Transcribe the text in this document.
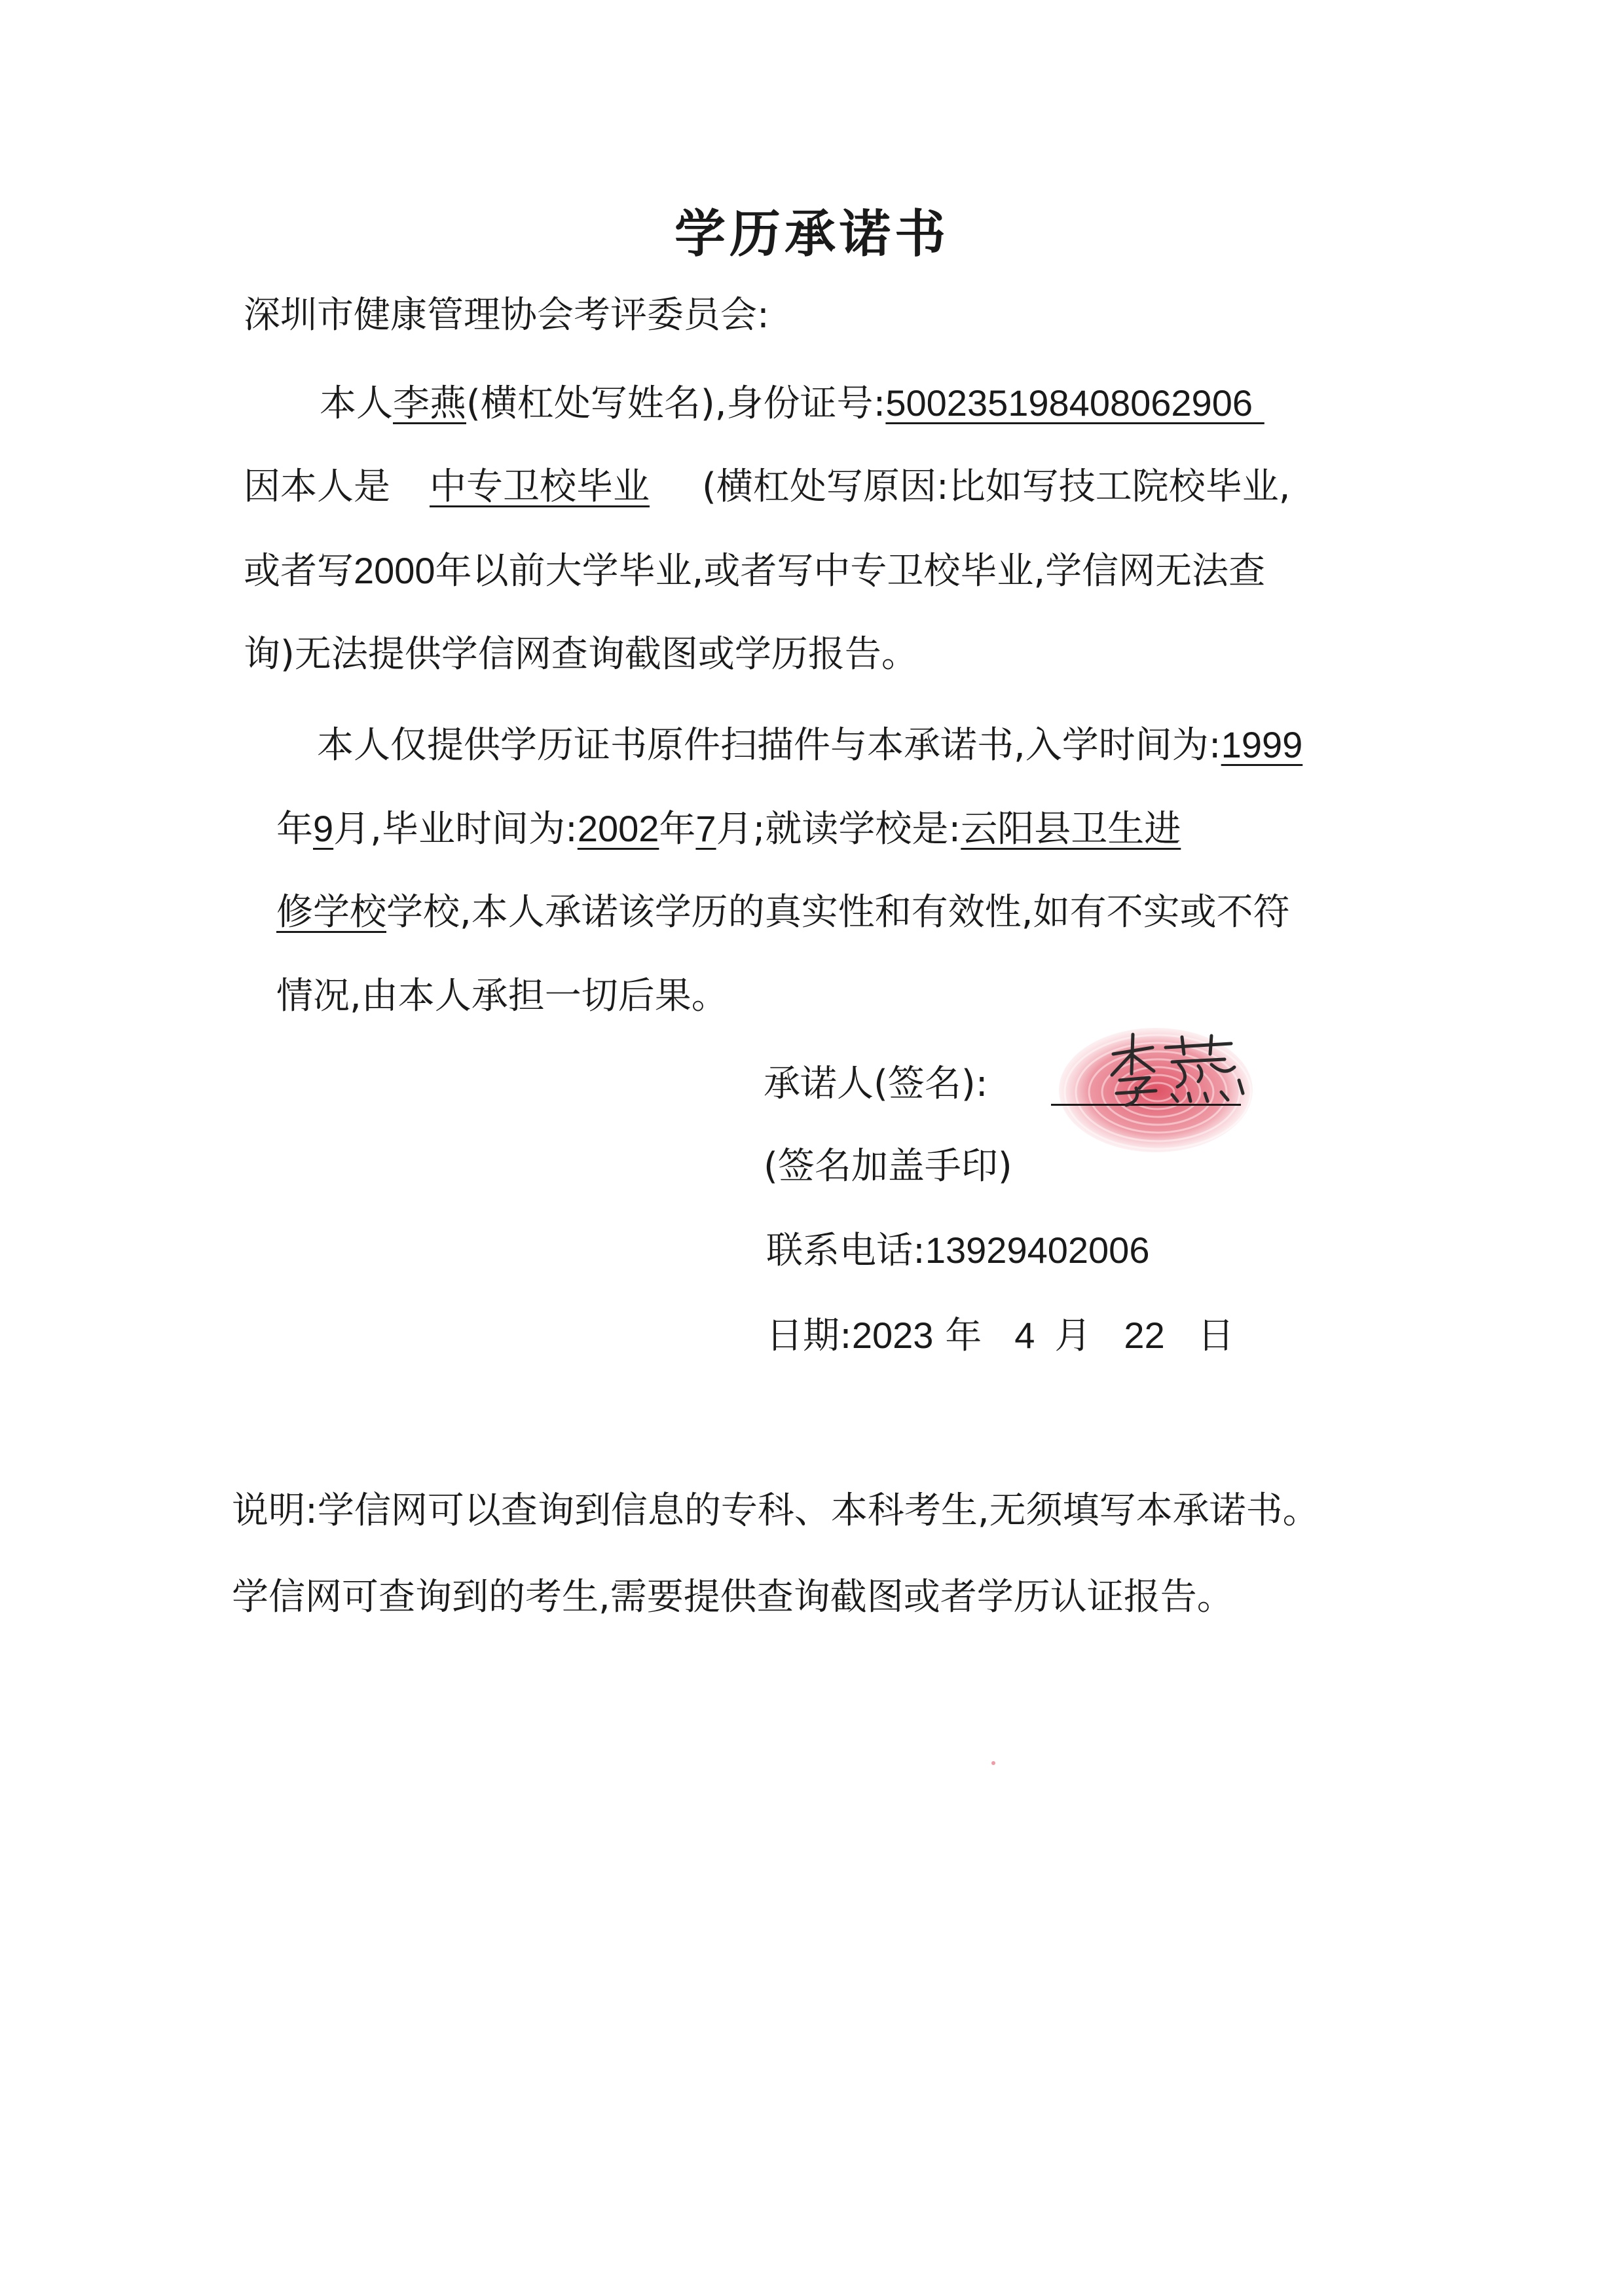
学历承诺书
深圳市健康管理协会考评委员会:
本人李燕(横杠处写姓名),身份证号:500235198408062906
因本人是 中专卫校毕业 (横杠处写原因:比如写技工院校毕业,
或者写2000年以前大学毕业,或者写中专卫校毕业,学信网无法查
询)无法提供学信网查询截图或学历报告。
本人仅提供学历证书原件扫描件与本承诺书,入学时间为:1999
年9月,毕业时间为:2002年7月;就读学校是:云阳县卫生进
修学校学校,本人承诺该学历的真实性和有效性,如有不实或不符
情况,由本人承担一切后果。
承诺人(签名):
(签名加盖手印)
联系电话:13929402006
日期:2023 年 4 月 22 日
说明:学信网可以查询到信息的专科、本科考生,无须填写本承诺书。
学信网可查询到的考生,需要提供查询截图或者学历认证报告。
